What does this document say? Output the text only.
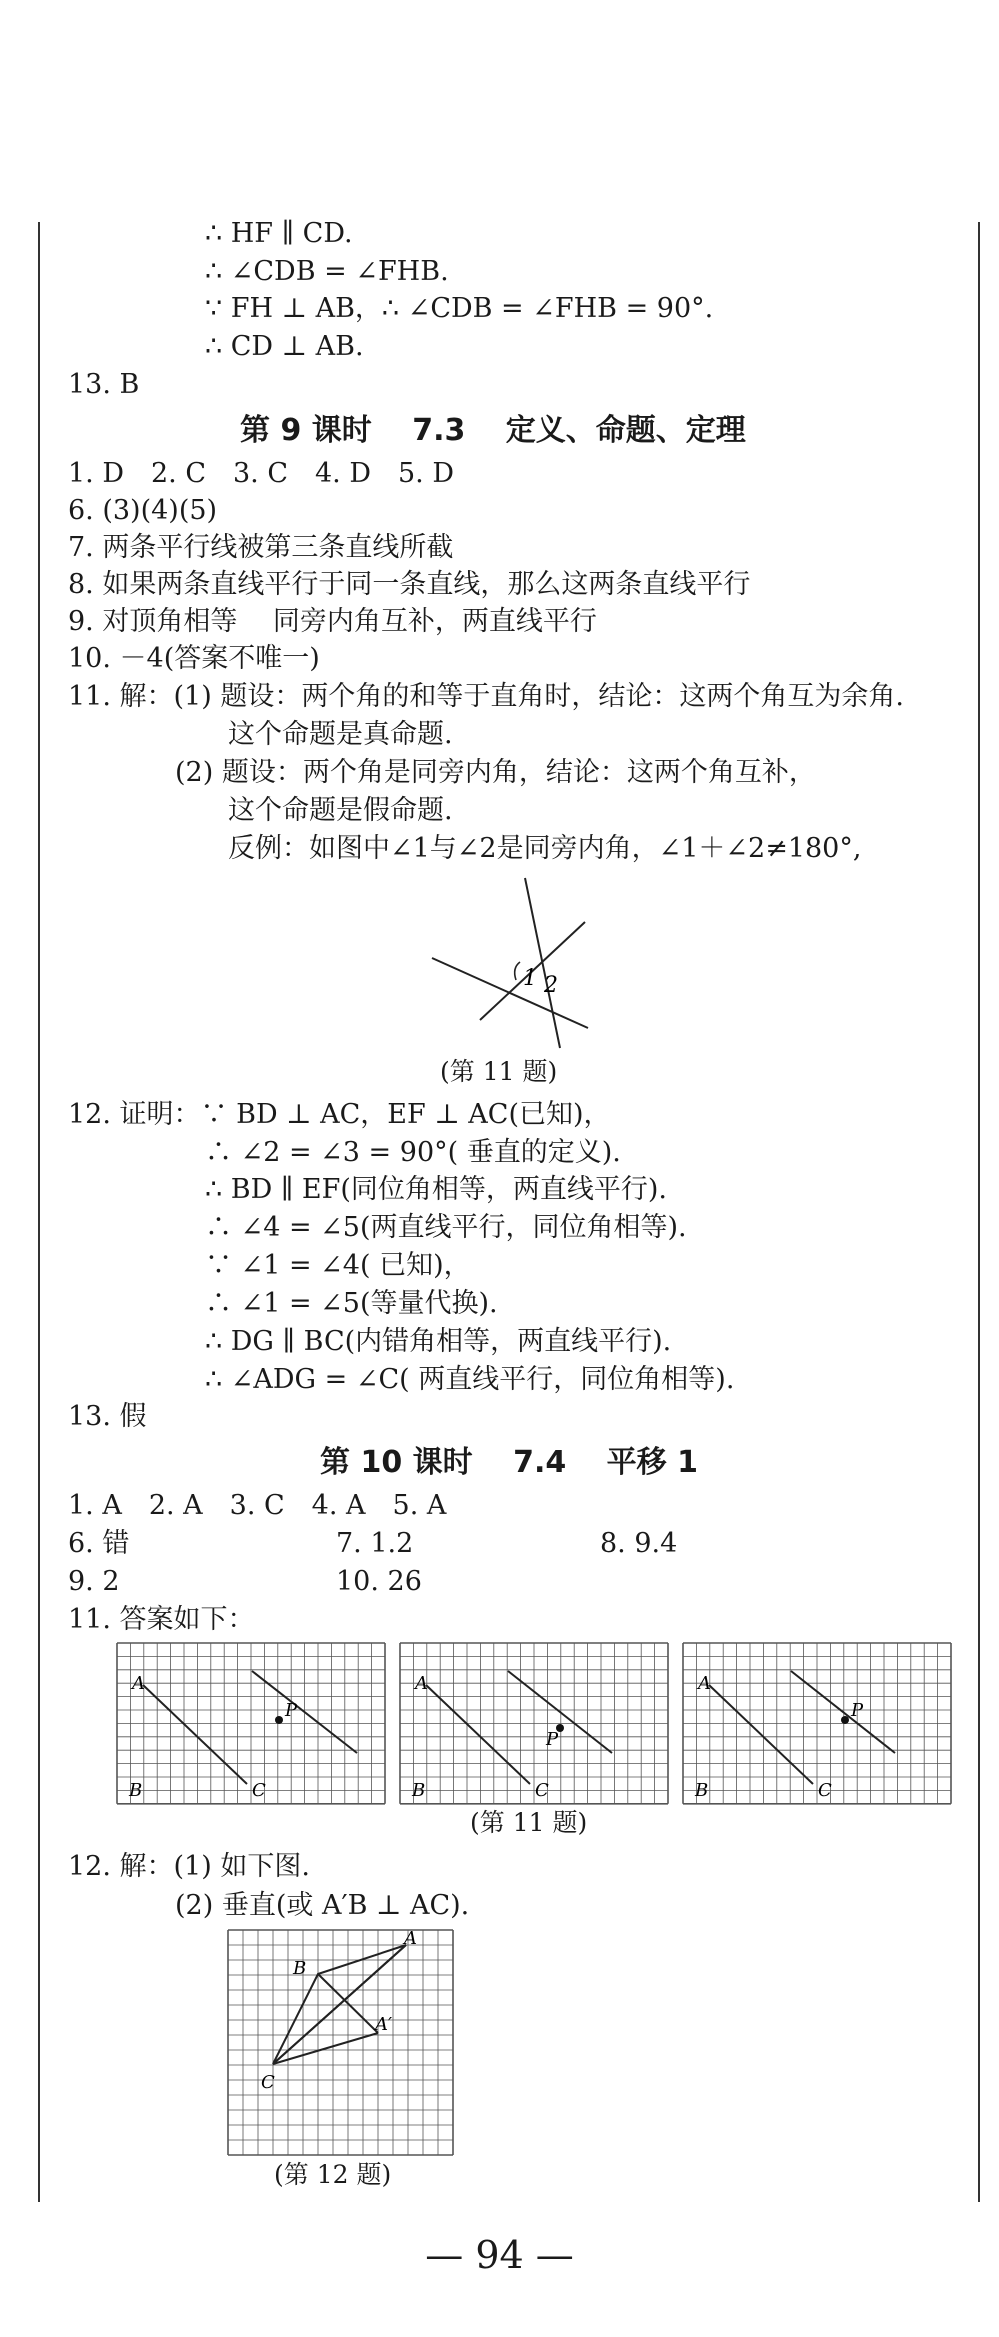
∴ HF ∥ CD.
∴ ∠CDB = ∠FHB.
∵ FH ⊥ AB，∴ ∠CDB = ∠FHB = 90°.
∴ CD ⊥ AB.
13. B
第 9 课时　 7.3　 定义、命题、定理
1. D　2. C　3. C　4. D　5. D
6. (3)(4)(5)
7. 两条平行线被第三条直线所截
8. 如果两条直线平行于同一条直线，那么这两条直线平行
9. 对顶角相等　 同旁内角互补，两直线平行
10. －4(答案不唯一)
11. 解：(1) 题设：两个角的和等于直角时，结论：这两个角互为余角.
这个命题是真命题.
(2) 题设：两个角是同旁内角，结论：这两个角互补，
这个命题是假命题.
反例：如图中∠1与∠2是同旁内角，∠1＋∠2≠180°,
1 2
(第 11 题)
12. 证明：∵ BD ⊥ AC，EF ⊥ AC(已知)，
∴ ∠2 = ∠3 = 90°( 垂直的定义).
∴ BD ∥ EF(同位角相等，两直线平行).
∴ ∠4 = ∠5(两直线平行，同位角相等).
∵ ∠1 = ∠4( 已知)，
∴ ∠1 = ∠5(等量代换).
∴ DG ∥ BC(内错角相等，两直线平行).
∴ ∠ADG = ∠C( 两直线平行，同位角相等).
13. 假
第 10 课时　 7.4　 平移 1
1. A　2. A　3. C　4. A　5. A
6. 错	7. 1.2	8. 9.4
9. 2	10. 26
11. 答案如下：
A
B	C
P
A
B	C
P
A
B	C
P
(第 11 题)
12. 解：(1) 如下图.
(2) 垂直(或 A′B ⊥ AC).
A
B
C
A′
(第 12 题)
— 94 —
